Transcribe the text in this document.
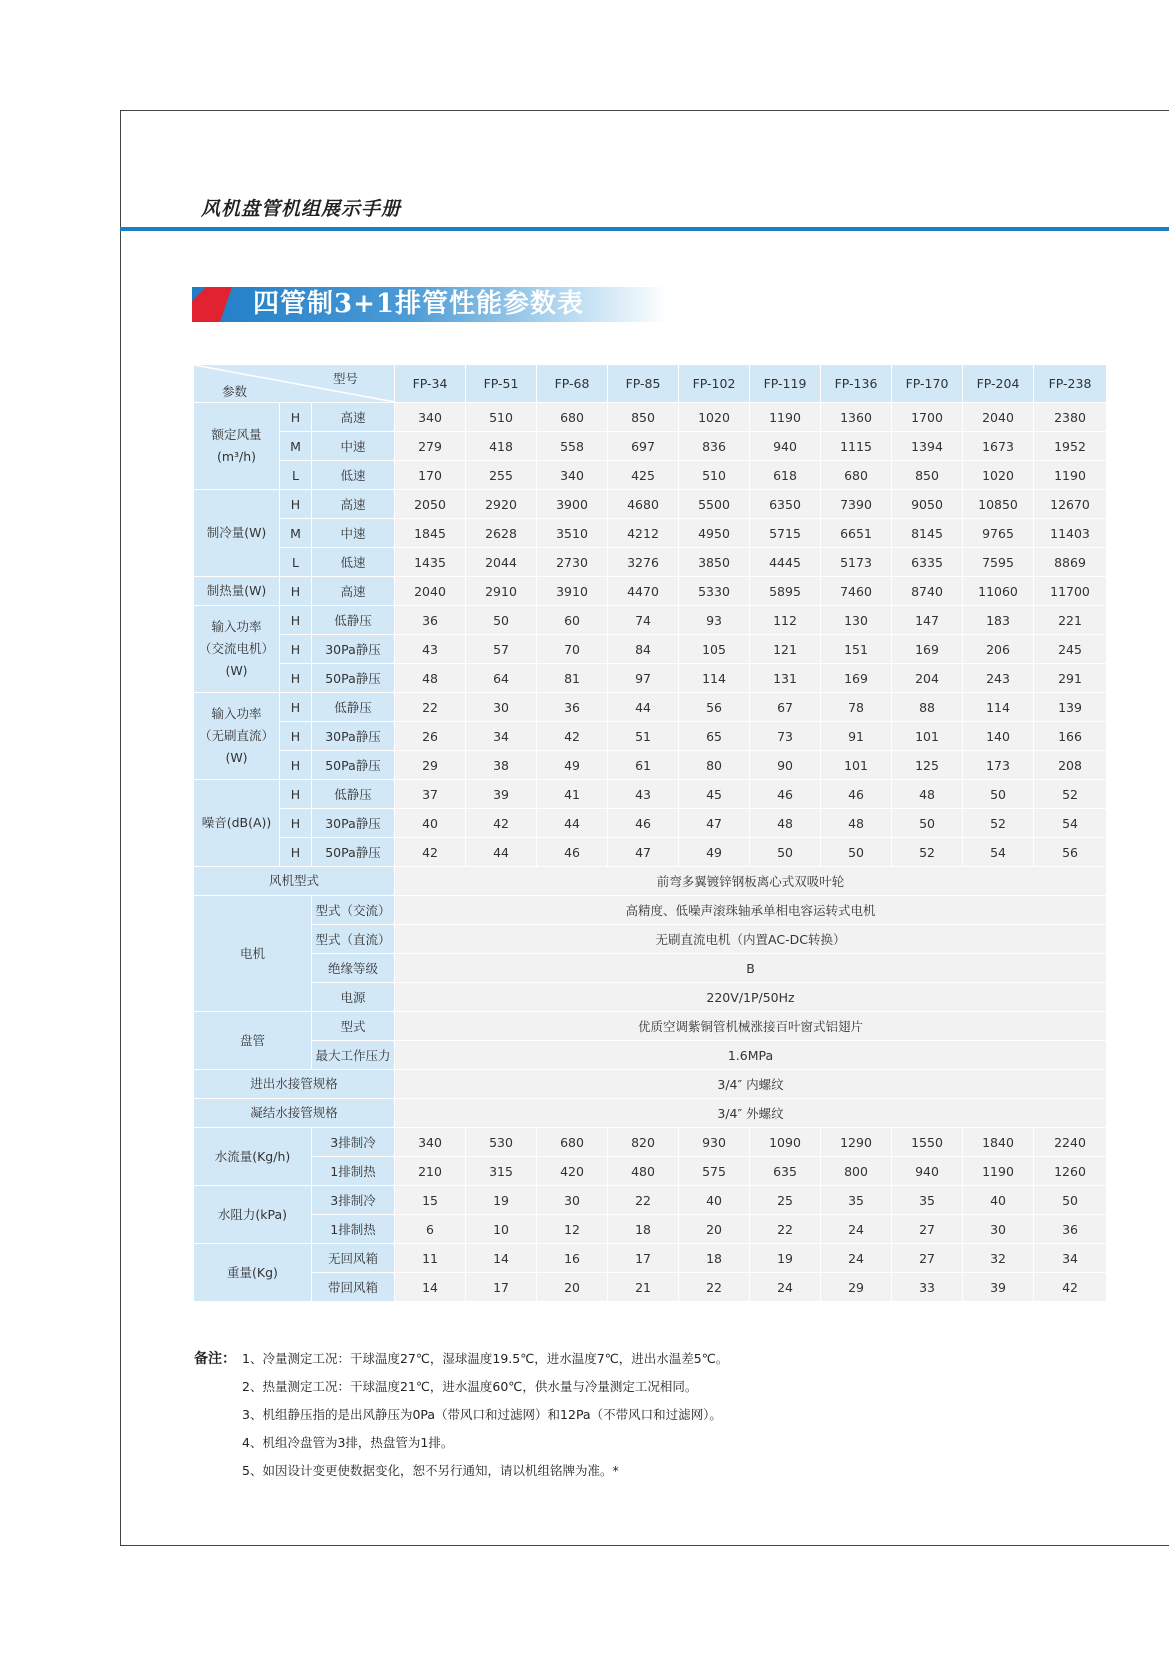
风机盘管机组展示手册
四管制3+1排管性能参数表
型号
参数			FP-34	FP-51	FP-68	FP-85	FP-102	FP-119	FP-136	FP-170	FP-204	FP-238
额定风量
(m³/h)	H	高速	340	510	680	850	1020	1190	1360	1700	2040	2380
	M	中速	279	418	558	697	836	940	1115	1394	1673	1952
	L	低速	170	255	340	425	510	618	680	850	1020	1190
制冷量(W)	H	高速	2050	2920	3900	4680	5500	6350	7390	9050	10850	12670
	M	中速	1845	2628	3510	4212	4950	5715	6651	8145	9765	11403
	L	低速	1435	2044	2730	3276	3850	4445	5173	6335	7595	8869
制热量(W)	H	高速	2040	2910	3910	4470	5330	5895	7460	8740	11060	11700
输入功率
（交流电机）
(W)	H	低静压	36	50	60	74	93	112	130	147	183	221
	H	30Pa静压	43	57	70	84	105	121	151	169	206	245
	H	50Pa静压	48	64	81	97	114	131	169	204	243	291
输入功率
（无刷直流）
(W)	H	低静压	22	30	36	44	56	67	78	88	114	139
	H	30Pa静压	26	34	42	51	65	73	91	101	140	166
	H	50Pa静压	29	38	49	61	80	90	101	125	173	208
噪音(dB(A))	H	低静压	37	39	41	43	45	46	46	48	50	52
	H	30Pa静压	40	42	44	46	47	48	48	50	52	54
	H	50Pa静压	42	44	46	47	49	50	50	52	54	56
风机型式			前弯多翼镀锌钢板离心式双吸叶轮									
电机		型式（交流）	高精度、低噪声滚珠轴承单相电容运转式电机									
		型式（直流）	无刷直流电机（内置AC-DC转换）									
		绝缘等级	B									
		电源	220V/1P/50Hz									
盘管		型式	优质空调紫铜管机械涨接百叶窗式铝翅片									
		最大工作压力	1.6MPa									
进出水接管规格			3/4″ 内螺纹									
凝结水接管规格			3/4″ 外螺纹									
水流量(Kg/h)		3排制冷	340	530	680	820	930	1090	1290	1550	1840	2240
		1排制热	210	315	420	480	575	635	800	940	1190	1260
水阻力(kPa)		3排制冷	15	19	30	22	40	25	35	35	40	50
		1排制热	6	10	12	18	20	22	24	27	30	36
重量(Kg)		无回风箱	11	14	16	17	18	19	24	27	32	34
		带回风箱	14	17	20	21	22	24	29	33	39	42
备注： 1、冷量测定工况：干球温度27℃，湿球温度19.5℃，进水温度7℃，进出水温差5℃。
2、热量测定工况：干球温度21℃，进水温度60℃，供水量与冷量测定工况相同。
3、机组静压指的是出风静压为0Pa（带风口和过滤网）和12Pa（不带风口和过滤网）。
4、机组冷盘管为3排，热盘管为1排。
5、如因设计变更使数据变化，恕不另行通知，请以机组铭牌为准。*
